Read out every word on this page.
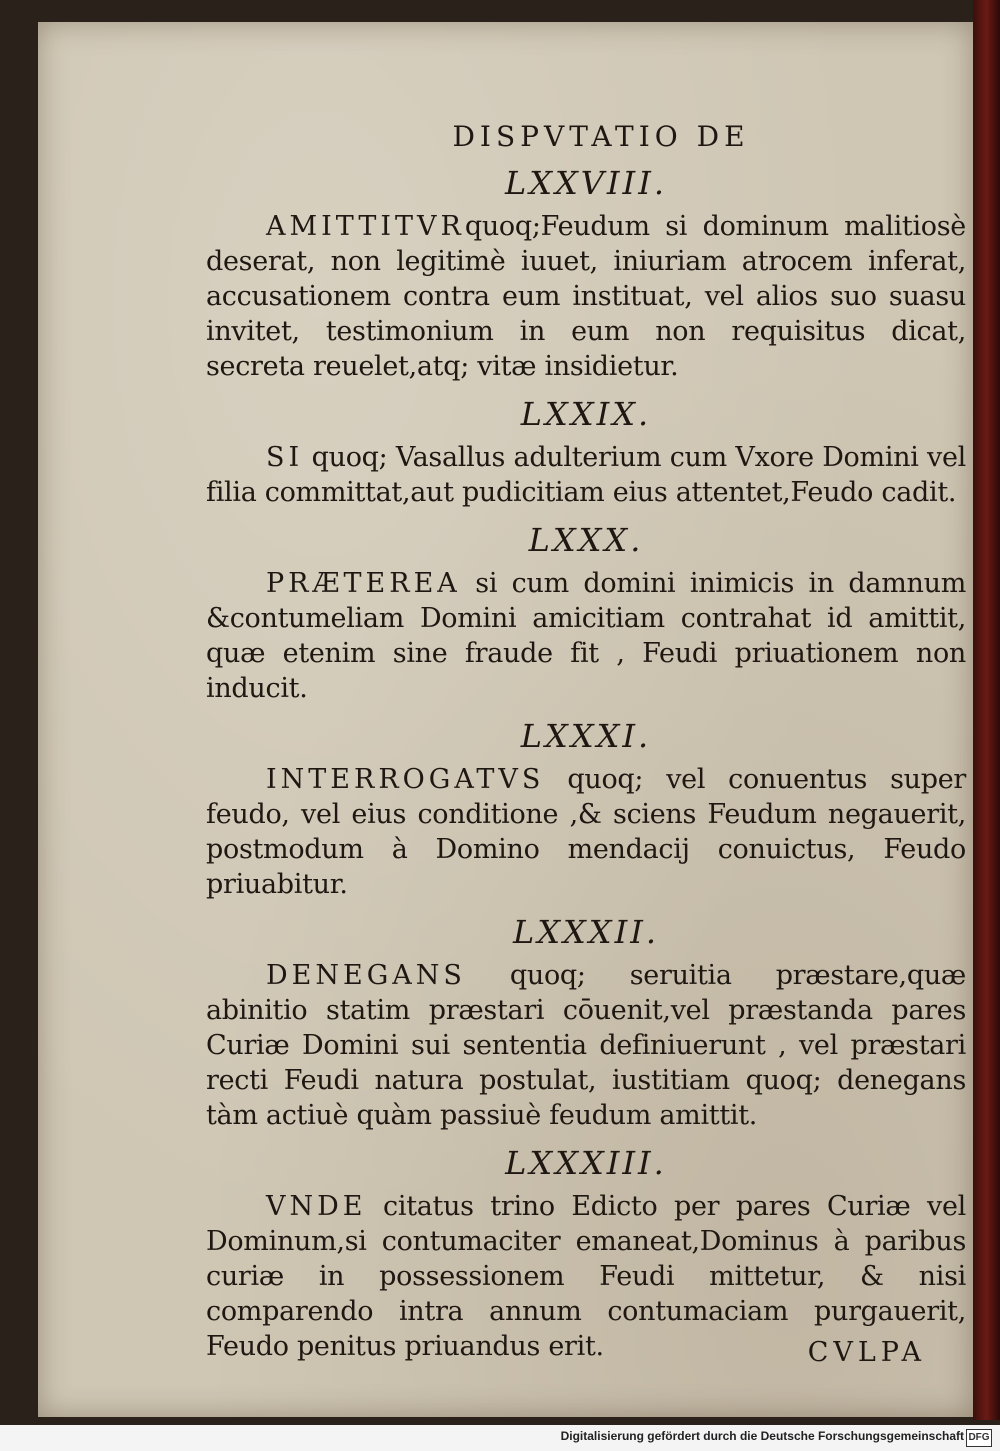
DISPVTATIO DE
LXXVIII.

AMITTITVRquoq;Feudum si dominum malitiosè deserat, non legitimè iuuet, iniuriam atrocem inferat, accusationem contra eum instituat, vel alios suo suasu invitet, testimonium in eum non requisitus dicat, secreta reuelet,atq; vitæ insidietur.

LXXIX.

SI quoq; Vasallus adulterium cum Vxore Domini vel filia committat,aut pudicitiam eius attentet,Feudo cadit.

LXXX.

PRÆTEREA si cum domini inimicis in damnum &contumeliam Domini amicitiam contrahat id amittit, quæ etenim sine fraude fit , Feudi priuationem non inducit.

LXXXI.

INTERROGATVS quoq; vel conuentus super feudo, vel eius conditione ,& sciens Feudum negauerit, postmodum à Domino mendacij conuictus, Feudo priuabitur.

LXXXII.

DENEGANS quoq; seruitia præstare,quæ abinitio statim præstari cōuenit,vel præstanda pares Curiæ Domini sui sententia definiuerunt , vel præstari recti Feudi natura postulat, iustitiam quoq; denegans tàm actiuè quàm passiuè feudum amittit.

LXXXIII.

VNDE citatus trino Edicto per pares Curiæ vel Dominum,si contumaciter emaneat,Dominus à paribus curiæ in possessionem Feudi mittetur, & nisi comparendo intra annum contumaciam purgauerit, Feudo penitus priuandus erit.	CVLPA
Digitalisierung gefördert durch die Deutsche Forschungsgemeinschaft DFG
